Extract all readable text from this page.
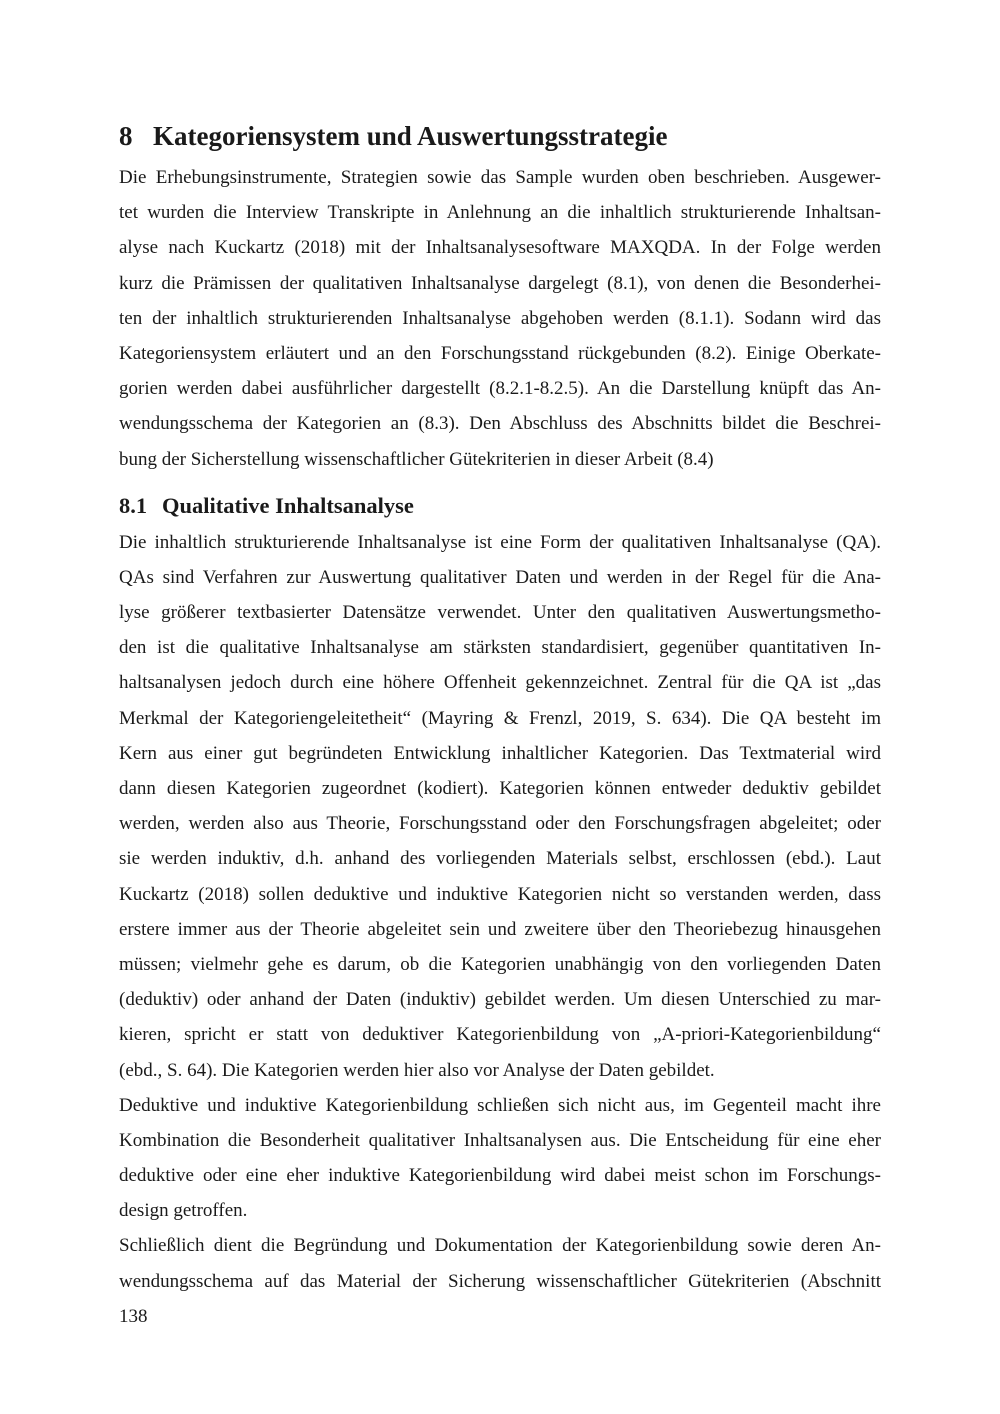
8 Kategoriensystem und Auswertungsstrategie
Die Erhebungsinstrumente, Strategien sowie das Sample wurden oben beschrieben. Ausgewer-
tet wurden die Interview Transkripte in Anlehnung an die inhaltlich strukturierende Inhaltsan-
alyse nach Kuckartz (2018) mit der Inhaltsanalysesoftware MAXQDA. In der Folge werden
kurz die Prämissen der qualitativen Inhaltsanalyse dargelegt (8.1), von denen die Besonderhei-
ten der inhaltlich strukturierenden Inhaltsanalyse abgehoben werden (8.1.1). Sodann wird das
Kategoriensystem erläutert und an den Forschungsstand rückgebunden (8.2). Einige Oberkate-
gorien werden dabei ausführlicher dargestellt (8.2.1-8.2.5). An die Darstellung knüpft das An-
wendungsschema der Kategorien an (8.3). Den Abschluss des Abschnitts bildet die Beschrei-
bung der Sicherstellung wissenschaftlicher Gütekriterien in dieser Arbeit (8.4)
8.1 Qualitative Inhaltsanalyse
Die inhaltlich strukturierende Inhaltsanalyse ist eine Form der qualitativen Inhaltsanalyse (QA).
QAs sind Verfahren zur Auswertung qualitativer Daten und werden in der Regel für die Ana-
lyse größerer textbasierter Datensätze verwendet. Unter den qualitativen Auswertungsmetho-
den ist die qualitative Inhaltsanalyse am stärksten standardisiert, gegenüber quantitativen In-
haltsanalysen jedoch durch eine höhere Offenheit gekennzeichnet. Zentral für die QA ist „das
Merkmal der Kategoriengeleitetheit“ (Mayring & Frenzl, 2019, S. 634). Die QA besteht im
Kern aus einer gut begründeten Entwicklung inhaltlicher Kategorien. Das Textmaterial wird
dann diesen Kategorien zugeordnet (kodiert). Kategorien können entweder deduktiv gebildet
werden, werden also aus Theorie, Forschungsstand oder den Forschungsfragen abgeleitet; oder
sie werden induktiv, d.h. anhand des vorliegenden Materials selbst, erschlossen (ebd.). Laut
Kuckartz (2018) sollen deduktive und induktive Kategorien nicht so verstanden werden, dass
erstere immer aus der Theorie abgeleitet sein und zweitere über den Theoriebezug hinausgehen
müssen; vielmehr gehe es darum, ob die Kategorien unabhängig von den vorliegenden Daten
(deduktiv) oder anhand der Daten (induktiv) gebildet werden. Um diesen Unterschied zu mar-
kieren, spricht er statt von deduktiver Kategorienbildung von „A-priori-Kategorienbildung“
(ebd., S. 64). Die Kategorien werden hier also vor Analyse der Daten gebildet.
Deduktive und induktive Kategorienbildung schließen sich nicht aus, im Gegenteil macht ihre
Kombination die Besonderheit qualitativer Inhaltsanalysen aus. Die Entscheidung für eine eher
deduktive oder eine eher induktive Kategorienbildung wird dabei meist schon im Forschungs-
design getroffen.
Schließlich dient die Begründung und Dokumentation der Kategorienbildung sowie deren An-
wendungsschema auf das Material der Sicherung wissenschaftlicher Gütekriterien (Abschnitt
138
